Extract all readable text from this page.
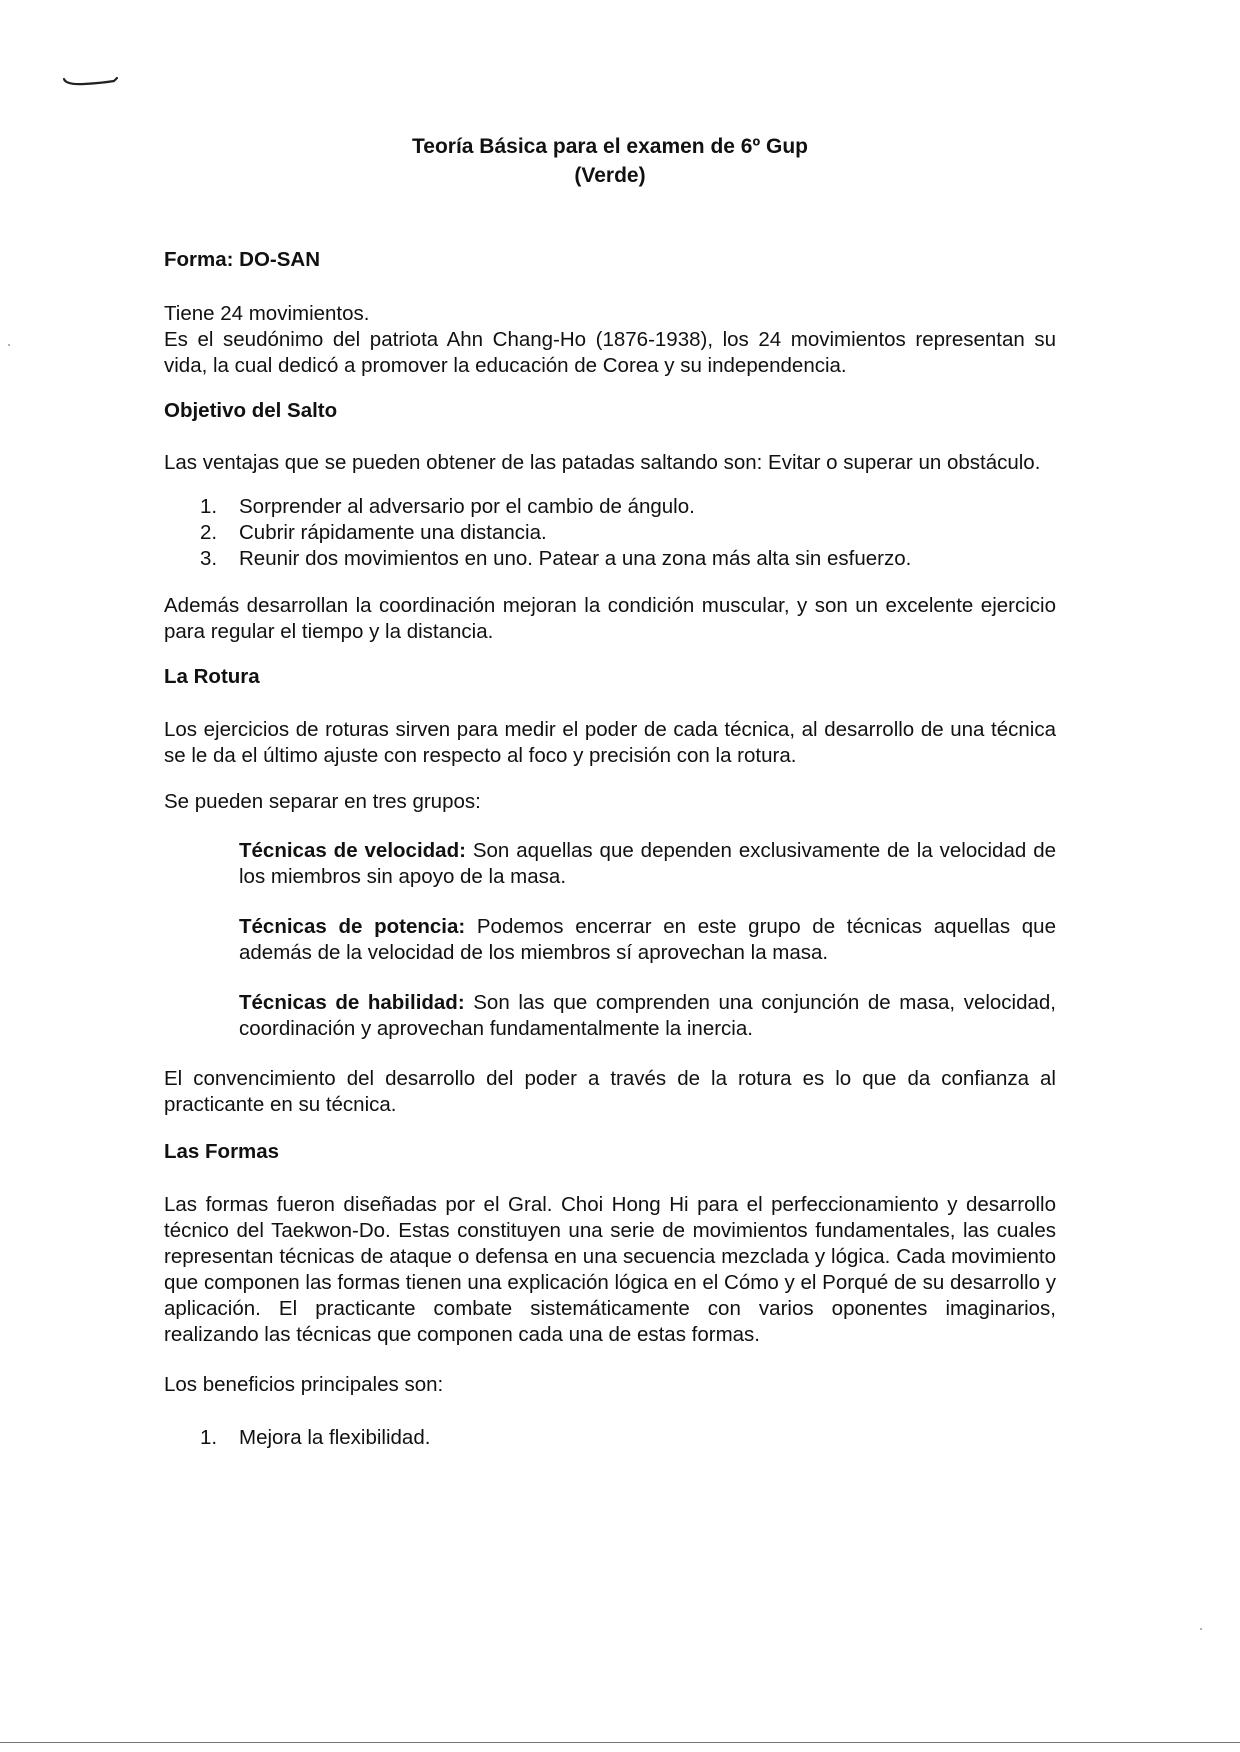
Teoría Básica para el examen de 6º Gup

(Verde)

Forma: DO-SAN

Tiene 24 movimientos.

Es el seudónimo del patriota Ahn Chang-Ho (1876-1938), los 24 movimientos representan su vida, la cual dedicó a promover la educación de Corea y su independencia.

Objetivo del Salto

Las ventajas que se pueden obtener de las patadas saltando son: Evitar o superar un obstáculo.

1. Sorprender al adversario por el cambio de ángulo.
2. Cubrir rápidamente una distancia.
3. Reunir dos movimientos en uno. Patear a una zona más alta sin esfuerzo.

Además desarrollan la coordinación mejoran la condición muscular, y son un excelente ejercicio para regular el tiempo y la distancia.

La Rotura

Los ejercicios de roturas sirven para medir el poder de cada técnica, al desarrollo de una técnica se le da el último ajuste con respecto al foco y precisión con la rotura.

Se pueden separar en tres grupos:

Técnicas de velocidad: Son aquellas que dependen exclusivamente de la velocidad de los miembros sin apoyo de la masa.

Técnicas de potencia: Podemos encerrar en este grupo de técnicas aquellas que además de la velocidad de los miembros sí aprovechan la masa.

Técnicas de habilidad: Son las que comprenden una conjunción de masa, velocidad, coordinación y aprovechan fundamentalmente la inercia.

El convencimiento del desarrollo del poder a través de la rotura es lo que da confianza al practicante en su técnica.

Las Formas

Las formas fueron diseñadas por el Gral. Choi Hong Hi para el perfeccionamiento y desarrollo técnico del Taekwon-Do. Estas constituyen una serie de movimientos fundamentales, las cuales representan técnicas de ataque o defensa en una secuencia mezclada y lógica. Cada movimiento que componen las formas tienen una explicación lógica en el Cómo y el Porqué de su desarrollo y aplicación. El practicante combate sistemáticamente con varios oponentes imaginarios, realizando las técnicas que componen cada una de estas formas.

Los beneficios principales son:

1. Mejora la flexibilidad.
